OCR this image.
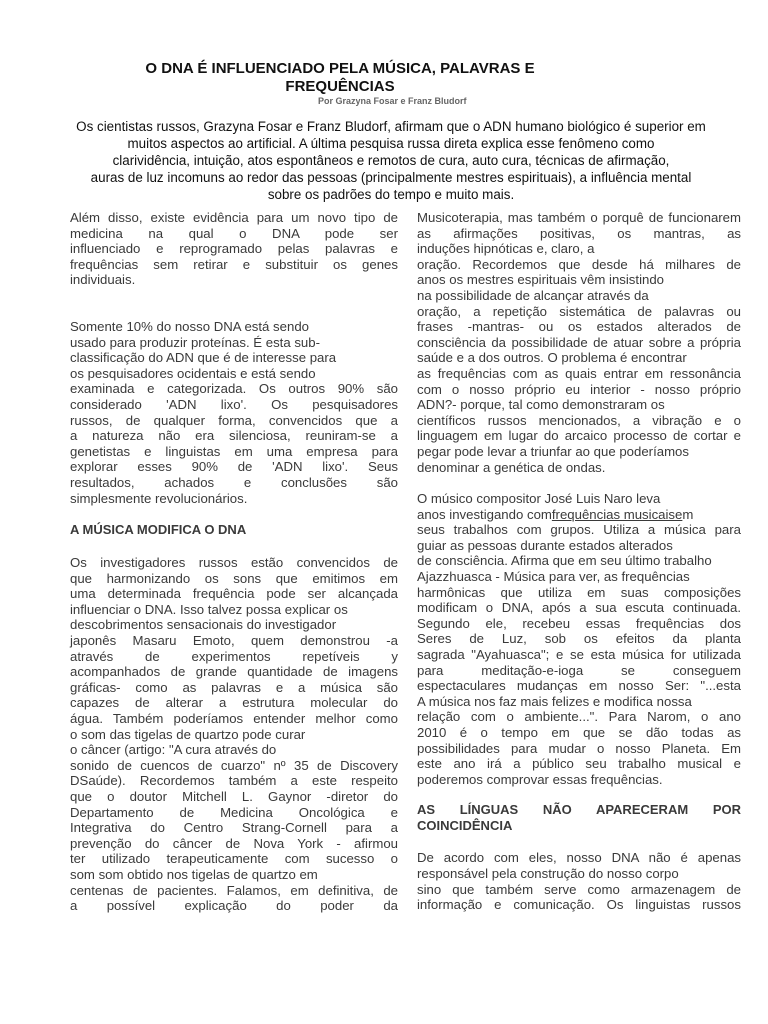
O DNA É INFLUENCIADO PELA MÚSICA, PALAVRAS E
FREQUÊNCIAS
Por Grazyna Fosar e Franz Bludorf

Os cientistas russos, Grazyna Fosar e Franz Bludorf, afirmam que o ADN humano biológico é superior em
muitos aspectos ao artificial. A última pesquisa russa direta explica esse fenômeno como
clarividência, intuição, atos espontâneos e remotos de cura, auto cura, técnicas de afirmação,
auras de luz incomuns ao redor das pessoas (principalmente mestres espirituais), a influência mental
sobre os padrões do tempo e muito mais.

Além disso, existe evidência para um novo tipo de
medicina na qual o DNA pode ser
influenciado e reprogramado pelas palavras e
frequências sem retirar e substituir os genes
individuais.

Somente 10% do nosso DNA está sendo
usado para produzir proteínas. É esta sub-
classificação do ADN que é de interesse para
os pesquisadores ocidentais e está sendo
examinada e categorizada. Os outros 90% são
considerado 'ADN lixo'. Os pesquisadores
russos, de qualquer forma, convencidos que a
a natureza não era silenciosa, reuniram-se a
genetistas e linguistas em uma empresa para
explorar esses 90% de 'ADN lixo'. Seus
resultados, achados e conclusões são
simplesmente revolucionários.

A MÚSICA MODIFICA O DNA

Os investigadores russos estão convencidos de
que harmonizando os sons que emitimos em
uma determinada frequência pode ser alcançada
influenciar o DNA. Isso talvez possa explicar os
descobrimentos sensacionais do investigador
japonês Masaru Emoto, quem demonstrou -a
através de experimentos repetíveis y
acompanhados de grande quantidade de imagens
gráficas- como as palavras e a música são
capazes de alterar a estrutura molecular do
água. Também poderíamos entender melhor como
o som das tigelas de quartzo pode curar
o câncer (artigo: "A cura através do
sonido de cuencos de cuarzo" nº 35 de Discovery
DSaúde). Recordemos também a este respeito
que o doutor Mitchell L. Gaynor -diretor do
Departamento de Medicina Oncológica e
Integrativa do Centro Strang-Cornell para a
prevenção do câncer de Nova York - afirmou
ter utilizado terapeuticamente com sucesso o
som som obtido nos tigelas de quartzo em
centenas de pacientes. Falamos, em definitiva, de
a possível explicação do poder da

Musicoterapia, mas também o porquê de funcionarem
as afirmações positivas, os mantras, as
induções hipnóticas e, claro, a
oração. Recordemos que desde há milhares de
anos os mestres espirituais vêm insistindo
na possibilidade de alcançar através da
oração, a repetição sistemática de palavras ou
frases -mantras- ou os estados alterados de
consciência da possibilidade de atuar sobre a própria
saúde e a dos outros. O problema é encontrar
as frequências com as quais entrar em ressonância
com o nosso próprio eu interior - nosso próprio
ADN?- porque, tal como demonstraram os
científicos russos mencionados, a vibração e o
linguagem em lugar do arcaico processo de cortar e
pegar pode levar a triunfar ao que poderíamos
denominar a genética de ondas.

O músico compositor José Luis Naro leva
anos investigando comfrequências musicaisem
seus trabalhos com grupos. Utiliza a música para
guiar as pessoas durante estados alterados
de consciência. Afirma que em seu último trabalho
Ajazzhuasca - Música para ver, as frequências
harmônicas que utiliza em suas composições
modificam o DNA, após a sua escuta continuada.
Segundo ele, recebeu essas frequências dos
Seres de Luz, sob os efeitos da planta
sagrada "Ayahuasca"; e se esta música for utilizada
para meditação-e-ioga se conseguem
espectaculares mudanças em nosso Ser: "...esta
A música nos faz mais felizes e modifica nossa
relação com o ambiente...". Para Narom, o ano
2010 é o tempo em que se dão todas as
possibilidades para mudar o nosso Planeta. Em
este ano irá a público seu trabalho musical e
poderemos comprovar essas frequências.

AS LÍNGUAS NÃO APARECERAM POR
COINCIDÊNCIA

De acordo com eles, nosso DNA não é apenas
responsável pela construção do nosso corpo
sino que também serve como armazenagem de
informação e comunicação. Os linguistas russos
